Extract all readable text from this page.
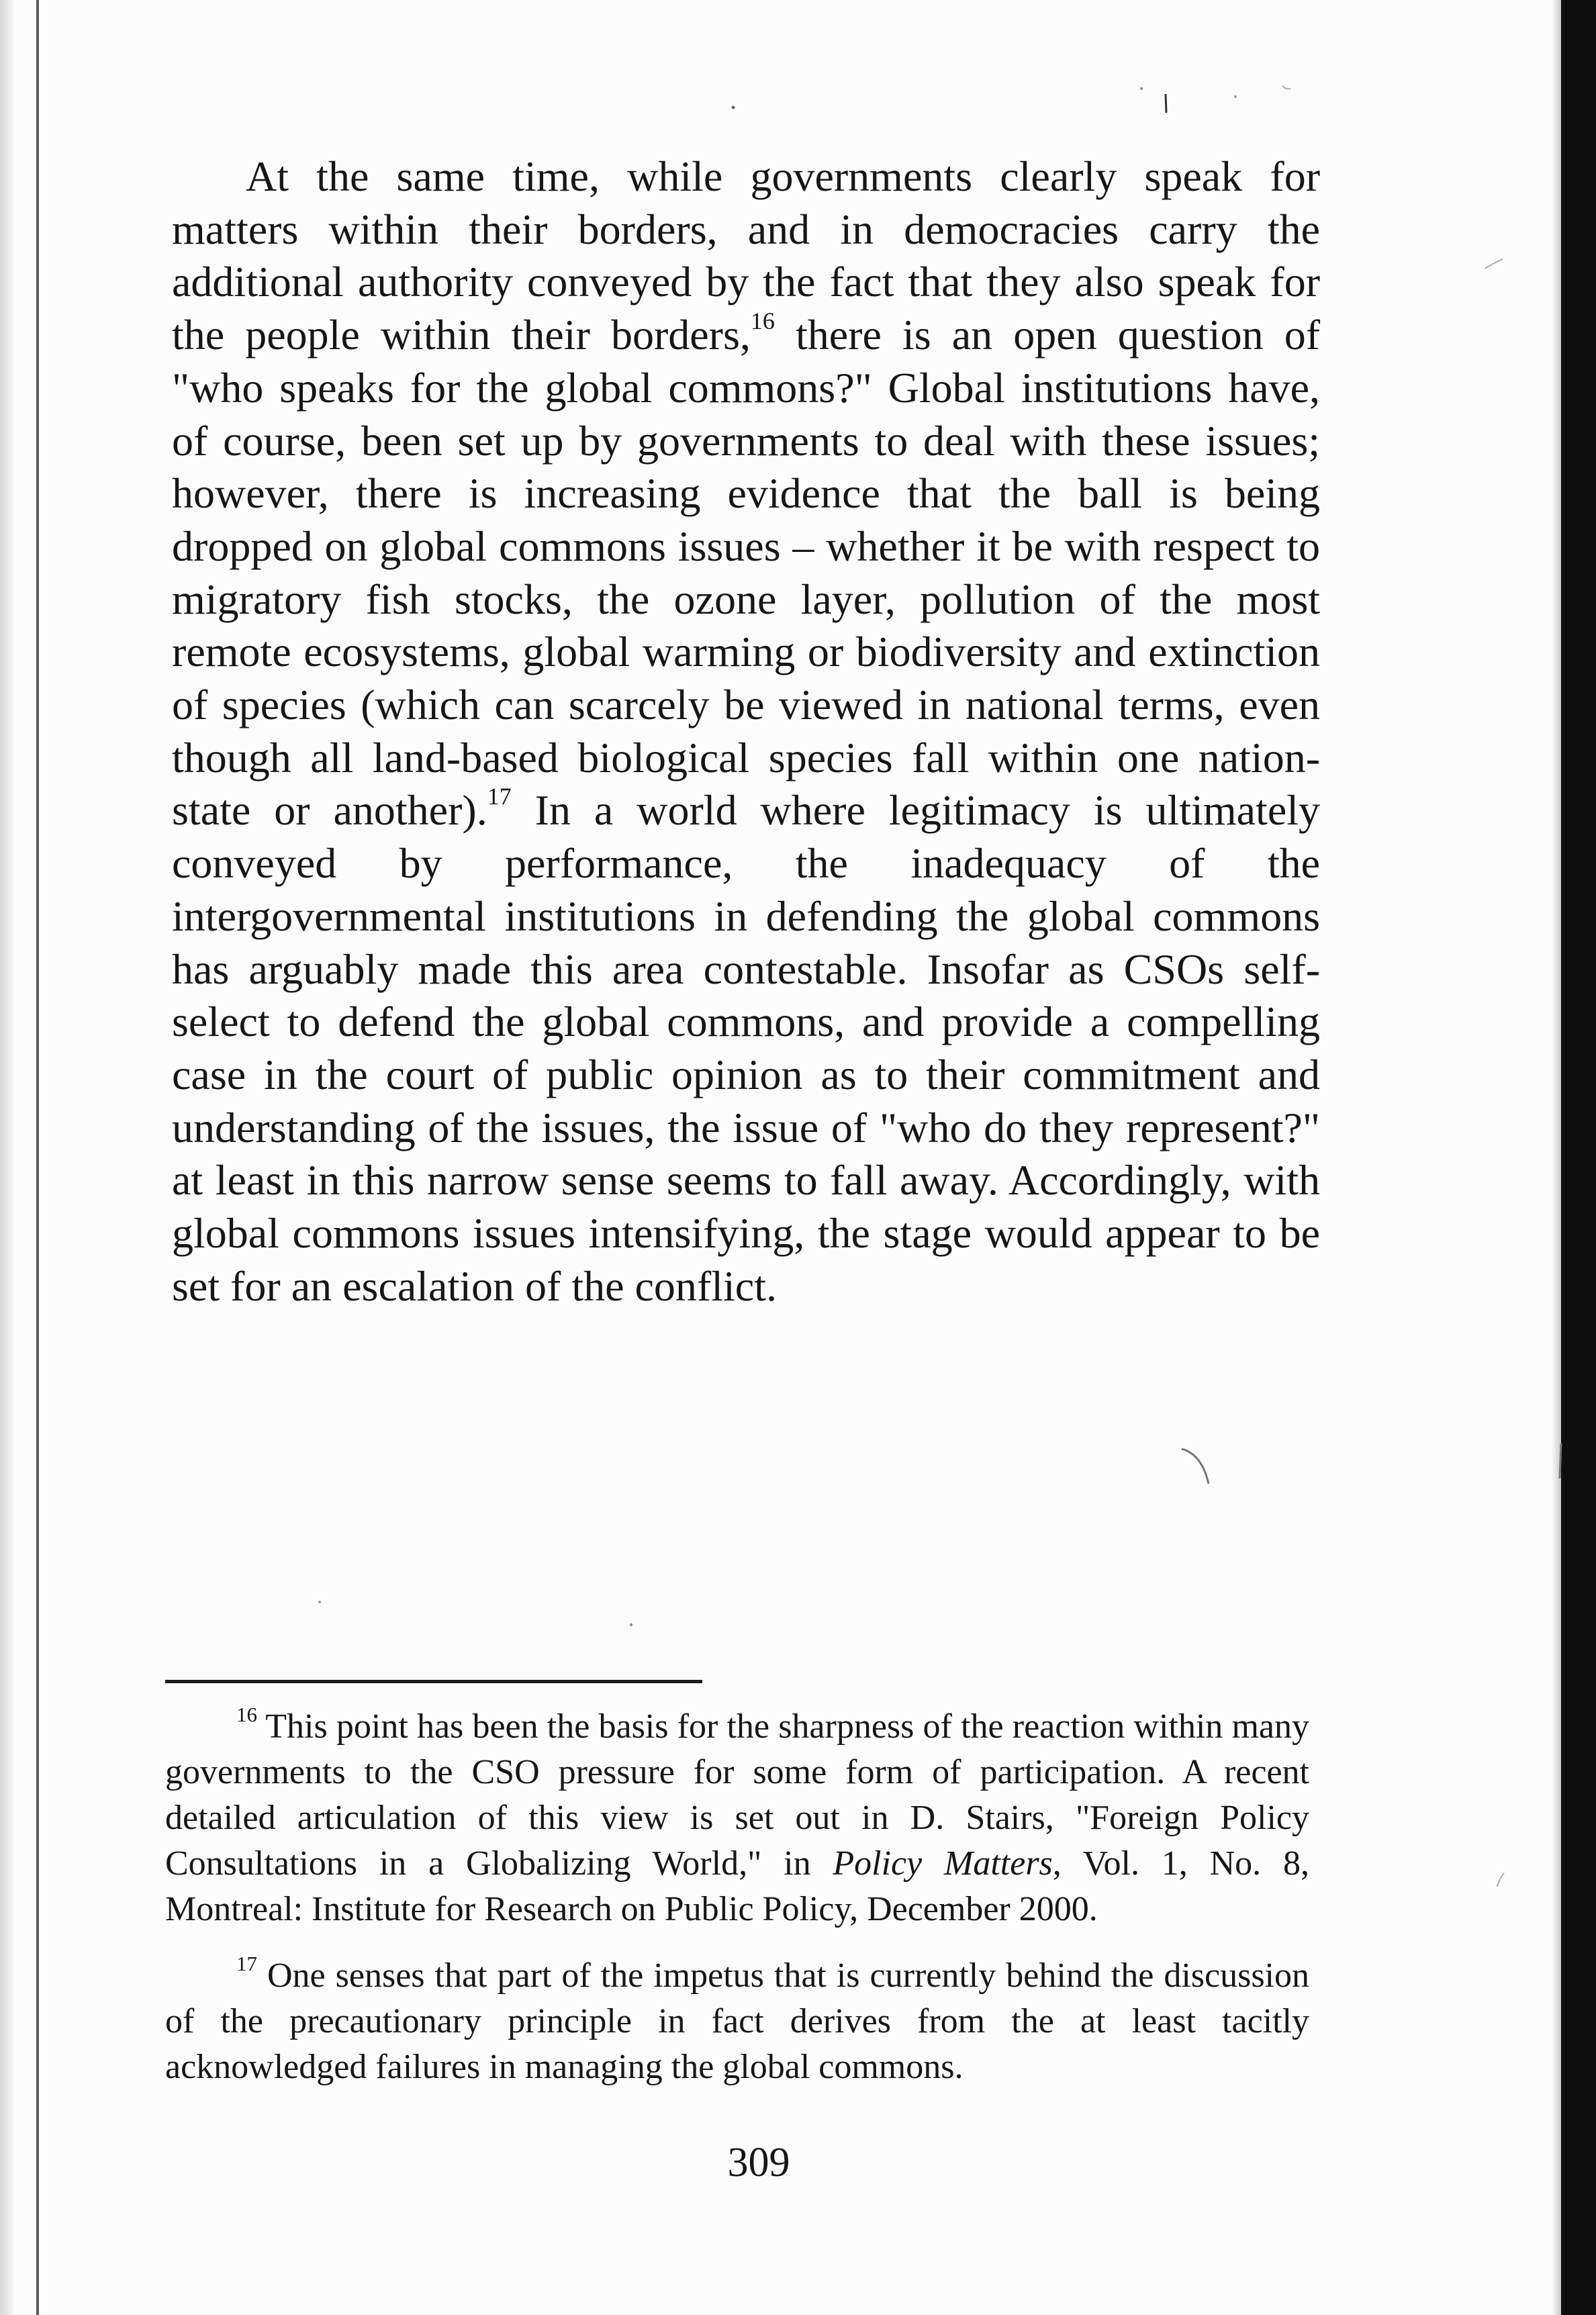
At the same time, while governments clearly speak for matters within their borders, and in democracies carry the additional authority conveyed by the fact that they also speak for the people within their borders,$^{16}$ there is an open question of "who speaks for the global commons?" Global institutions have, of course, been set up by governments to deal with these issues; however, there is increasing evidence that the ball is being dropped on global commons issues – whether it be with respect to migratory fish stocks, the ozone layer, pollution of the most remote ecosystems, global warming or biodiversity and extinction of species (which can scarcely be viewed in national terms, even though all land-based biological species fall within one nation-state or another).$^{17}$ In a world where legitimacy is ultimately conveyed by performance, the inadequacy of the intergovernmental institutions in defending the global commons has arguably made this area contestable. Insofar as CSOs self-select to defend the global commons, and provide a compelling case in the court of public opinion as to their commitment and understanding of the issues, the issue of "who do they represent?" at least in this narrow sense seems to fall away. Accordingly, with global commons issues intensifying, the stage would appear to be set for an escalation of the conflict.

$^{16}$ This point has been the basis for the sharpness of the reaction within many governments to the CSO pressure for some form of participation. A recent detailed articulation of this view is set out in D. Stairs, "Foreign Policy Consultations in a Globalizing World," in Policy Matters, Vol. 1, No. 8, Montreal: Institute for Research on Public Policy, December 2000.

$^{17}$ One senses that part of the impetus that is currently behind the discussion of the precautionary principle in fact derives from the at least tacitly acknowledged failures in managing the global commons.

309
